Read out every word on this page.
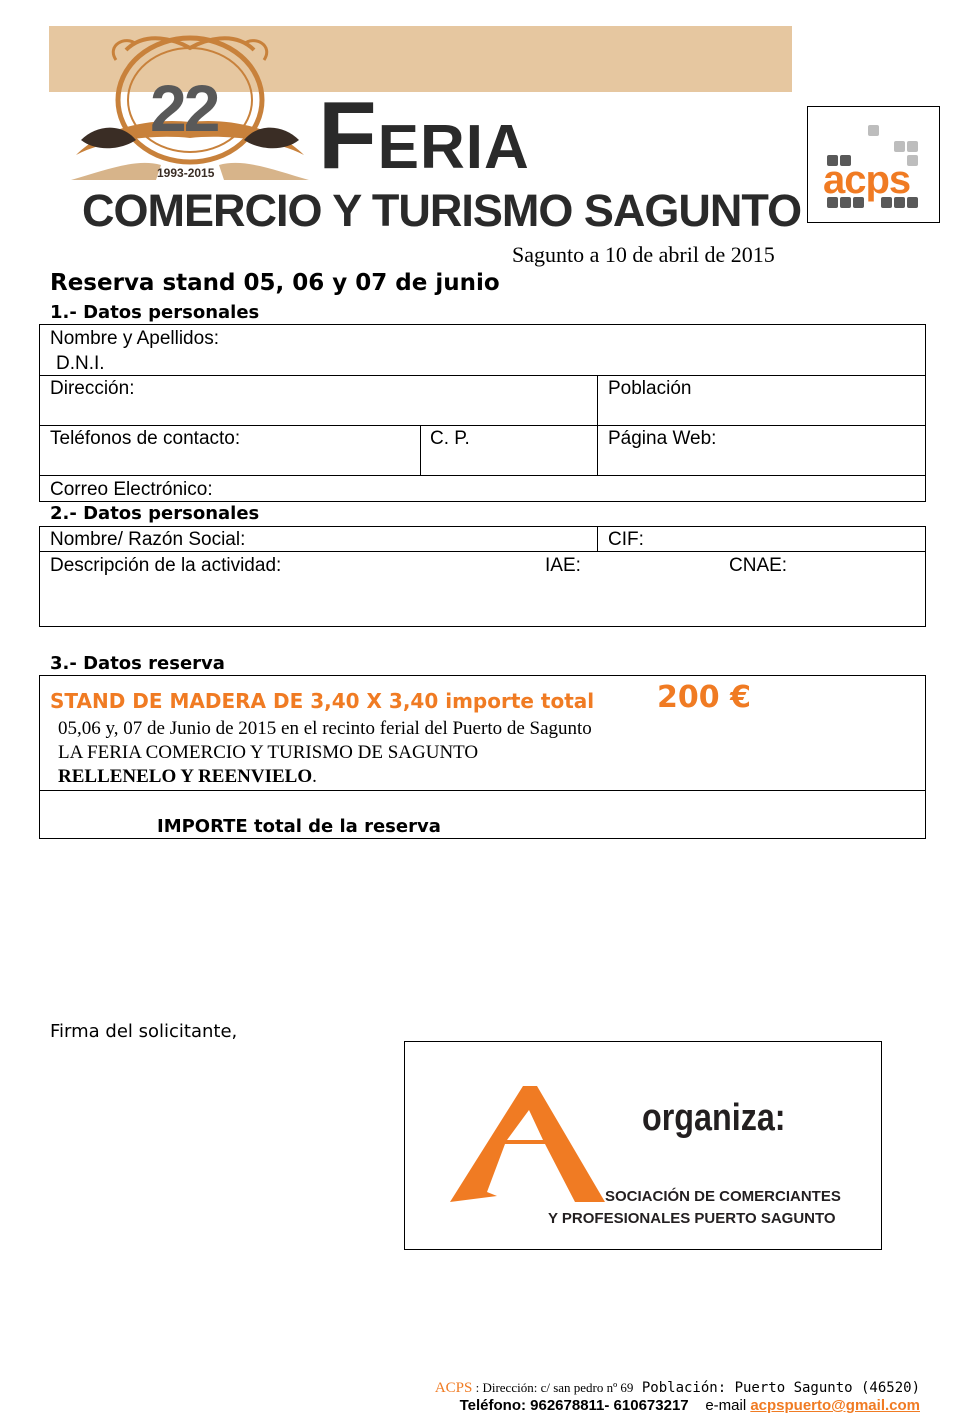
22
1993-2015 FERIA
COMERCIO Y TURISMO SAGUNTO
acps
Sagunto a 10 de abril de 2015
Reserva stand 05, 06 y 07 de junio
1.- Datos personales
Nombre y Apellidos:
D.N.I.
Dirección:	Población
Teléfonos de contacto:	C. P.	Página Web:
Correo Electrónico:
2.- Datos personales
Nombre/ Razón Social:	CIF:
Descripción de la actividad:	IAE:	CNAE:
3.- Datos reserva
STAND DE MADERA DE 3,40 X 3,40 importe total 200 €
05,06 y, 07 de Junio de 2015 en el recinto ferial del Puerto de Sagunto
LA FERIA COMERCIO Y TURISMO DE SAGUNTO
RELLENELO Y REENVIELO.
IMPORTE total de la reserva
Firma del solicitante,
organiza:
SOCIACIÓN DE COMERCIANTES
Y PROFESIONALES PUERTO SAGUNTO
ACPS : Dirección: c/ san pedro nº 69 Población: Puerto Sagunto (46520)
Teléfono: 962678811- 610673217 e-mail acpspuerto@gmail.com
